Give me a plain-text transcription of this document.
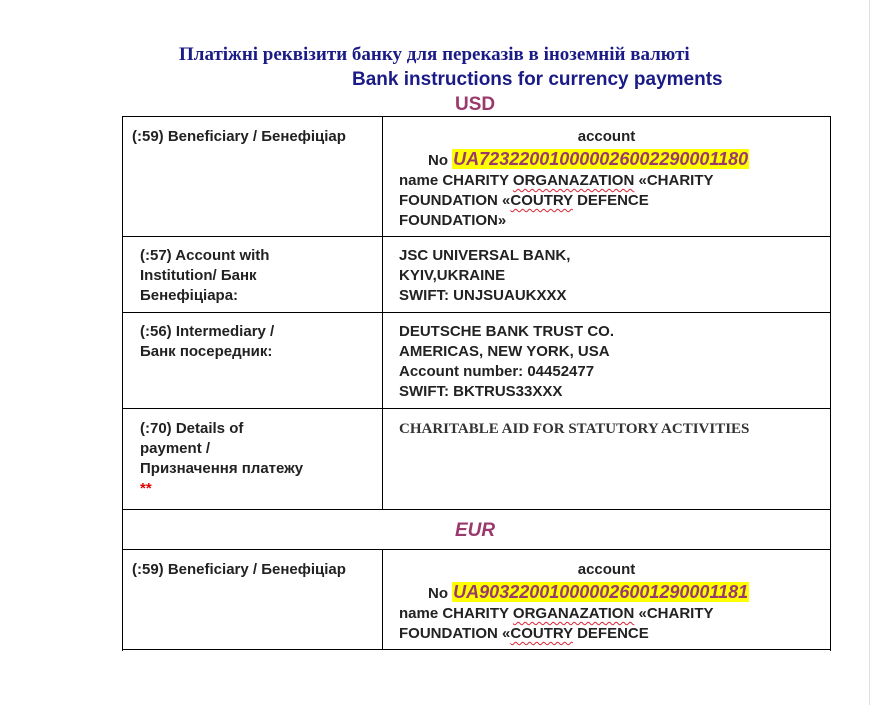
Платіжні реквізити банку для переказів в іноземній валюті
Bank instructions for currency payments
USD
(:59) Beneficiary / Бенефіціар	account
No UA723220010000026002290001180
name CHARITY ORGANAZATION «CHARITY
FOUNDATION «COUTRY DEFENCE
FOUNDATION»
(:57) Account with
Institution/ Банк
Бенефіціара:
JSC UNIVERSAL BANK,
KYIV,UKRAINE
SWIFT: UNJSUAUKXXX
(:56) Intermediary /
Банк посередник:
DEUTSCHE BANK TRUST CO.
AMERICAS, NEW YORK, USA
Account number: 04452477
SWIFT: BKTRUS33XXX
(:70) Details of
payment /
Призначення платежу
**
CHARITABLE AID FOR STATUTORY ACTIVITIES
(:59) Beneficiary / Бенефіціар	account
No UA903220010000026001290001181
name CHARITY ORGANAZATION «CHARITY
FOUNDATION «COUTRY DEFENCE
EUR
